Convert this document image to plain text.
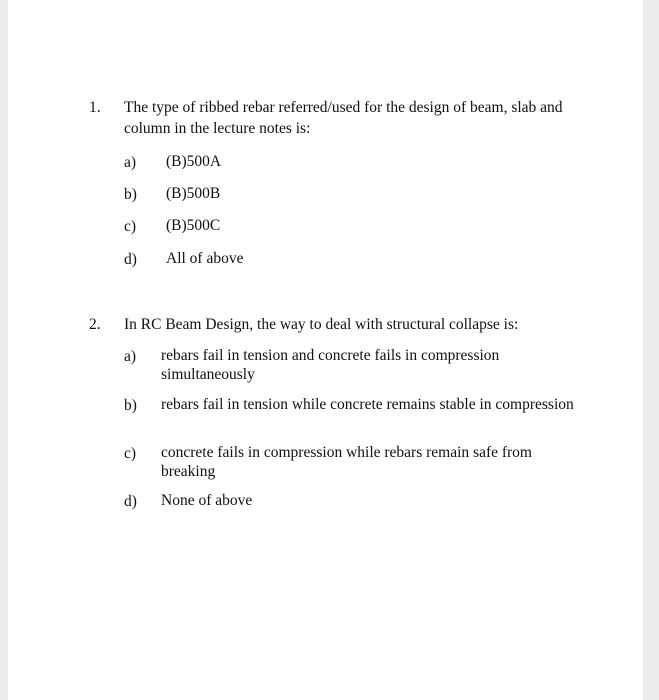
1. The type of ribbed rebar referred/used for the design of beam, slab and column in the lecture notes is:
a) (B)500A
b) (B)500B
c) (B)500C
d) All of above
2. In RC Beam Design, the way to deal with structural collapse is:
a) rebars fail in tension and concrete fails in compression simultaneously
b) rebars fail in tension while concrete remains stable in compression
c) concrete fails in compression while rebars remain safe from breaking
d) None of above
